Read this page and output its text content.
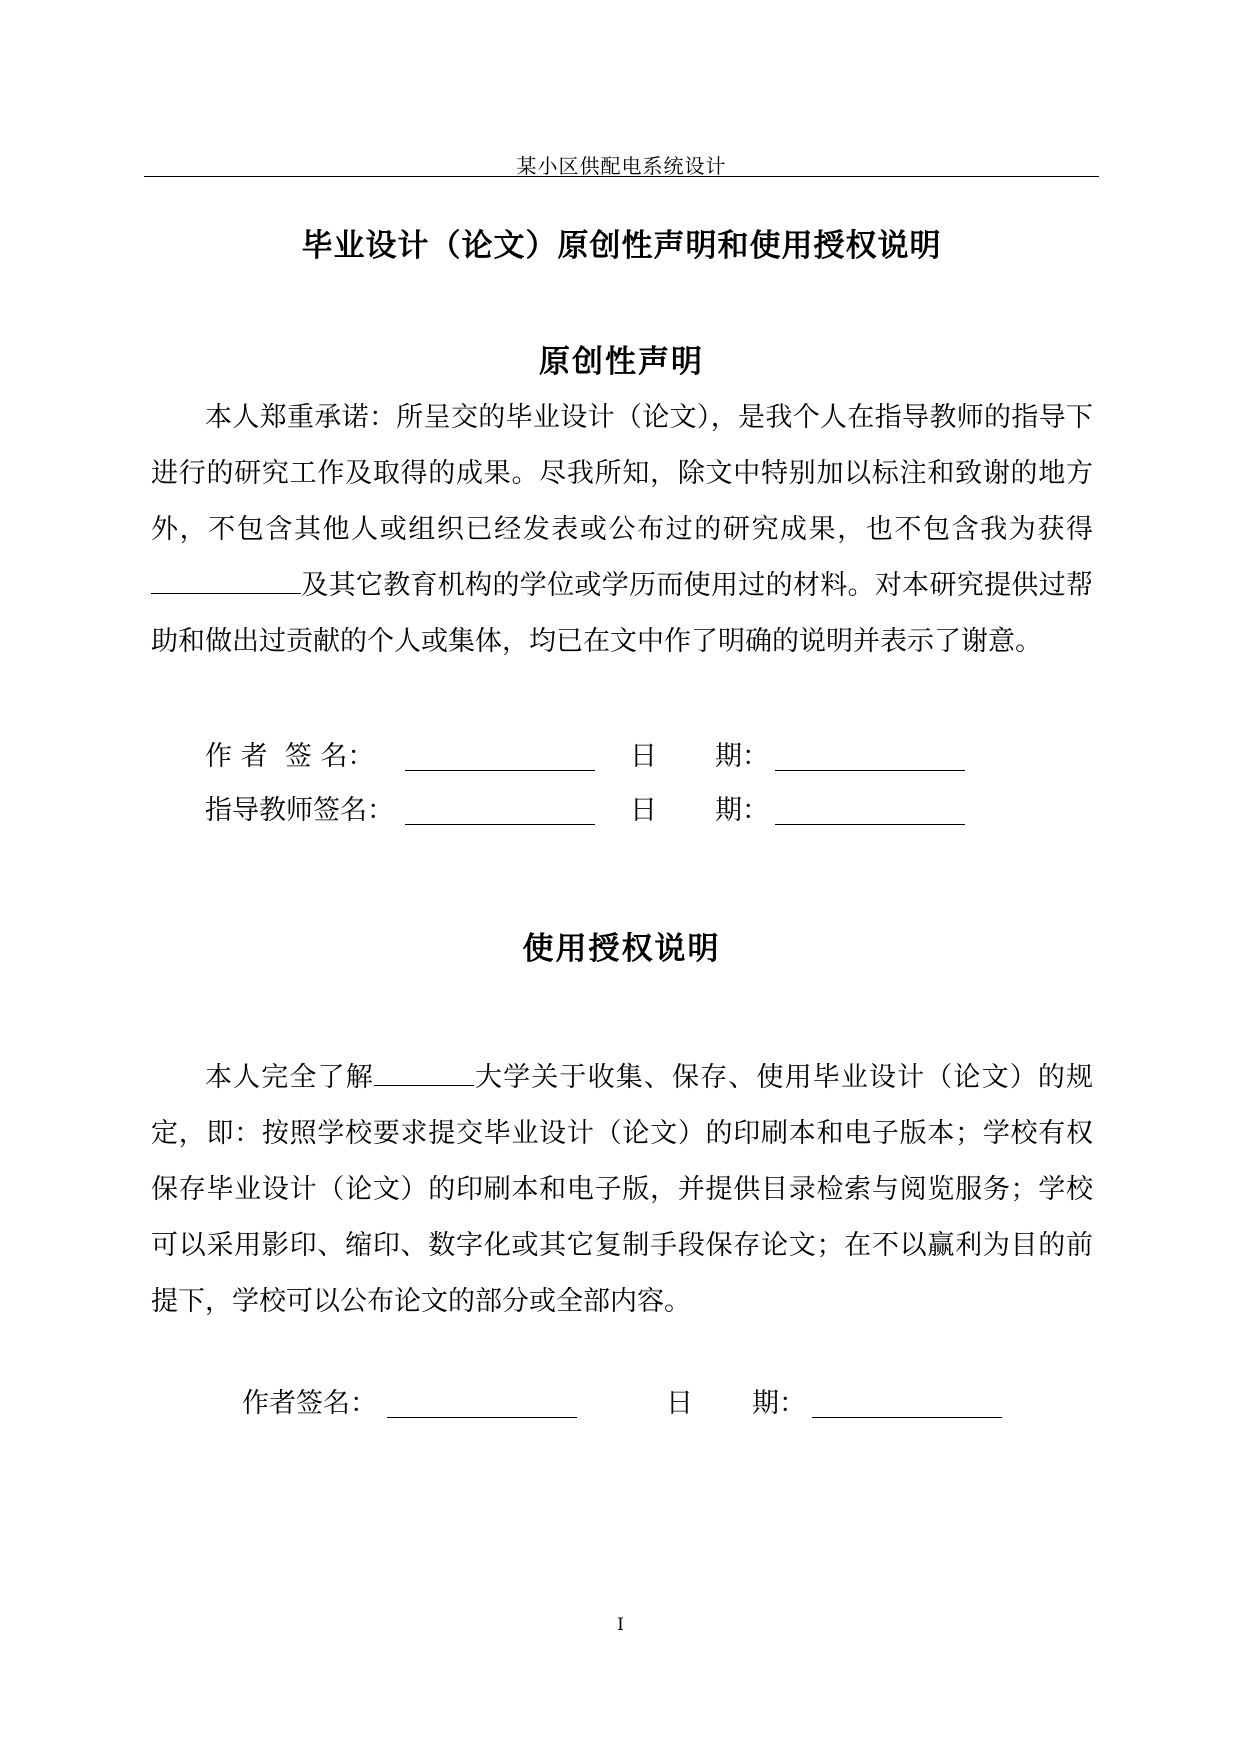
某小区供配电系统设计
毕业设计（论文）原创性声明和使用授权说明
原创性声明
本人郑重承诺：所呈交的毕业设计（论文），是我个人在指导教师的指导下进行的研究工作及取得的成果。尽我所知，除文中特别加以标注和致谢的地方外，不包含其他人或组织已经发表或公布过的研究成果，也不包含我为获得及其它教育机构的学位或学历而使用过的材料。对本研究提供过帮助和做出过贡献的个人或集体，均已在文中作了明确的说明并表示了谢意。
作 者  签 名：	日 期：
指导教师签名：	日 期：
使用授权说明
本人完全了解	大学关于收集、保存、使用毕业设计（论文）的规定，即：按照学校要求提交毕业设计（论文）的印刷本和电子版本；学校有权保存毕业设计（论文）的印刷本和电子版，并提供目录检索与阅览服务；学校可以采用影印、缩印、数字化或其它复制手段保存论文；在不以赢利为目的前提下，学校可以公布论文的部分或全部内容。
作者签名：	日 期：
I
